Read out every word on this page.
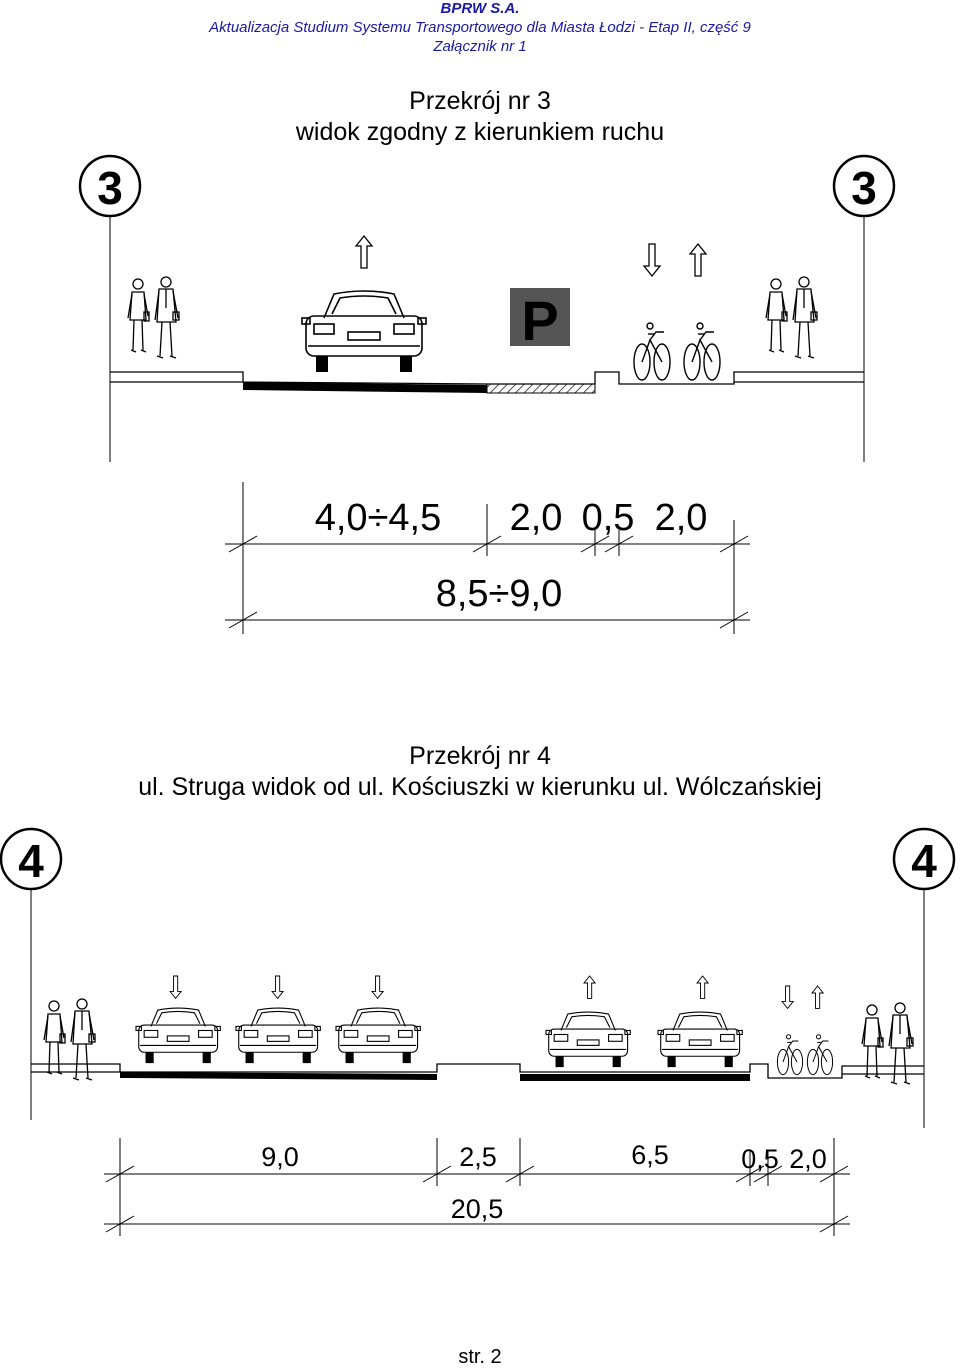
BPRW S.A.
Aktualizacja Studium Systemu Transportowego dla Miasta Łodzi - Etap II, część 9
Załącznik nr 1
Przekrój nr 3
widok zgodny z kierunkiem ruchu
Przekrój nr 4
ul. Struga widok od ul. Kościuszki w kierunku ul. Wólczańskiej
3	3
P
4,0÷4,5 2,0 0,5 2,0
8,5÷9,0
4	4
9,0	2,5	6,5	0,5 2,0
20,5
str. 2
